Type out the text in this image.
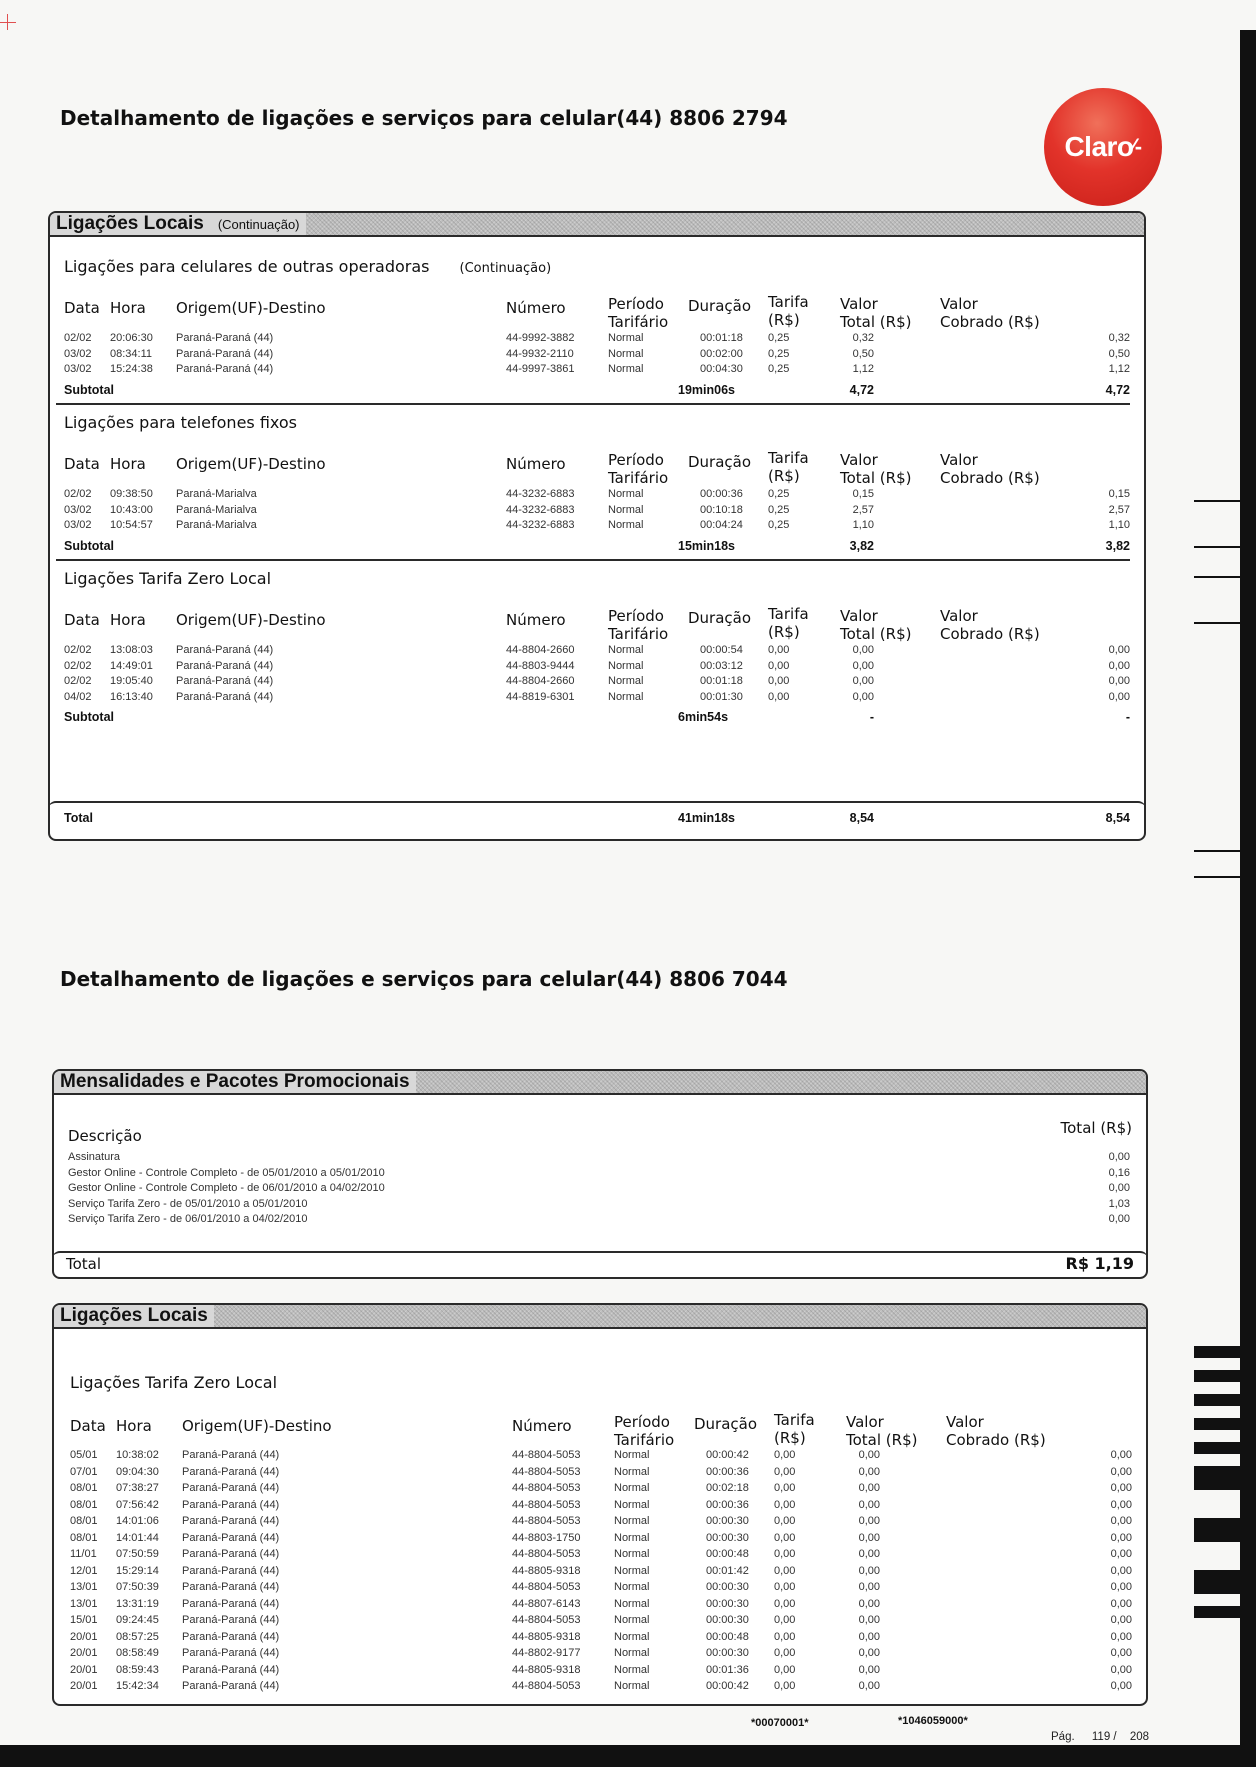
Detalhamento de ligações e serviços para celular(44) 8806 2794
Claro
⁄‑
Ligações Locais (Continuação)
Ligações para celulares de outras operadoras (Continuação)
Data Hora Origem(UF)-Destino	Número	Período
Tarifário
Duração Tarifa
(R$)
Valor
Total (R$)
Valor
Cobrado (R$)
02/02 20:06:30 Paraná-Paraná (44)	44-9992-3882	Normal	00:01:18 0,25	0,32	0,32
03/02 08:34:11 Paraná-Paraná (44)	44-9932-2110	Normal	00:02:00 0,25	0,50	0,50
03/02 15:24:38 Paraná-Paraná (44)	44-9997-3861	Normal	00:04:30 0,25	1,12	1,12
Subtotal	19min06s	4,72	4,72
Ligações para telefones fixos
Data Hora Origem(UF)-Destino	Número	Período
Tarifário
Duração Tarifa
(R$)
Valor
Total (R$)
Valor
Cobrado (R$)
02/02 09:38:50 Paraná-Marialva	44-3232-6883	Normal	00:00:36 0,25	0,15	0,15
03/02 10:43:00 Paraná-Marialva	44-3232-6883	Normal	00:10:18 0,25	2,57	2,57
03/02 10:54:57 Paraná-Marialva	44-3232-6883	Normal	00:04:24 0,25	1,10	1,10
Subtotal	15min18s	3,82	3,82
Ligações Tarifa Zero Local
Data Hora Origem(UF)-Destino	Número	Período
Tarifário
Duração Tarifa
(R$)
Valor
Total (R$)
Valor
Cobrado (R$)
02/02 13:08:03 Paraná-Paraná (44)	44-8804-2660	Normal	00:00:54 0,00	0,00	0,00
02/02 14:49:01 Paraná-Paraná (44)	44-8803-9444	Normal	00:03:12 0,00	0,00	0,00
02/02 19:05:40 Paraná-Paraná (44)	44-8804-2660	Normal	00:01:18 0,00	0,00	0,00
04/02 16:13:40 Paraná-Paraná (44)	44-8819-6301	Normal	00:01:30 0,00	0,00	0,00
Subtotal	6min54s	-	-
Total	41min18s	8,54	8,54
Detalhamento de ligações e serviços para celular(44) 8806 7044
Mensalidades e Pacotes Promocionais
Descrição	Total (R$)
Assinatura	0,00
Gestor Online - Controle Completo - de 05/01/2010 a 05/01/2010	0,16
Gestor Online - Controle Completo - de 06/01/2010 a 04/02/2010	0,00
Serviço Tarifa Zero - de 05/01/2010 a 05/01/2010	1,03
Serviço Tarifa Zero - de 06/01/2010 a 04/02/2010	0,00
Total	R$ 1,19
Ligações Locais
Ligações Tarifa Zero Local
Data Hora Origem(UF)-Destino	Número	Período
Tarifário
Duração Tarifa
(R$)
Valor
Total (R$)
Valor
Cobrado (R$)
05/01 10:38:02 Paraná-Paraná (44)	44-8804-5053	Normal	00:00:42 0,00	0,00	0,00
07/01 09:04:30 Paraná-Paraná (44)	44-8804-5053	Normal	00:00:36 0,00	0,00	0,00
08/01 07:38:27 Paraná-Paraná (44)	44-8804-5053	Normal	00:02:18 0,00	0,00	0,00
08/01 07:56:42 Paraná-Paraná (44)	44-8804-5053	Normal	00:00:36 0,00	0,00	0,00
08/01 14:01:06 Paraná-Paraná (44)	44-8804-5053	Normal	00:00:30 0,00	0,00	0,00
08/01 14:01:44 Paraná-Paraná (44)	44-8803-1750	Normal	00:00:30 0,00	0,00	0,00
11/01 07:50:59 Paraná-Paraná (44)	44-8804-5053	Normal	00:00:48 0,00	0,00	0,00
12/01 15:29:14 Paraná-Paraná (44)	44-8805-9318	Normal	00:01:42 0,00	0,00	0,00
13/01 07:50:39 Paraná-Paraná (44)	44-8804-5053	Normal	00:00:30 0,00	0,00	0,00
13/01 13:31:19 Paraná-Paraná (44)	44-8807-6143	Normal	00:00:30 0,00	0,00	0,00
15/01 09:24:45 Paraná-Paraná (44)	44-8804-5053	Normal	00:00:30 0,00	0,00	0,00
20/01 08:57:25 Paraná-Paraná (44)	44-8805-9318	Normal	00:00:48 0,00	0,00	0,00
20/01 08:58:49 Paraná-Paraná (44)	44-8802-9177	Normal	00:00:30 0,00	0,00	0,00
20/01 08:59:43 Paraná-Paraná (44)	44-8805-9318	Normal	00:01:36 0,00	0,00	0,00
20/01 15:42:34 Paraná-Paraná (44)	44-8804-5053	Normal	00:00:42 0,00	0,00	0,00
*00070001*	*1046059000*
Pág. 119 / 208
